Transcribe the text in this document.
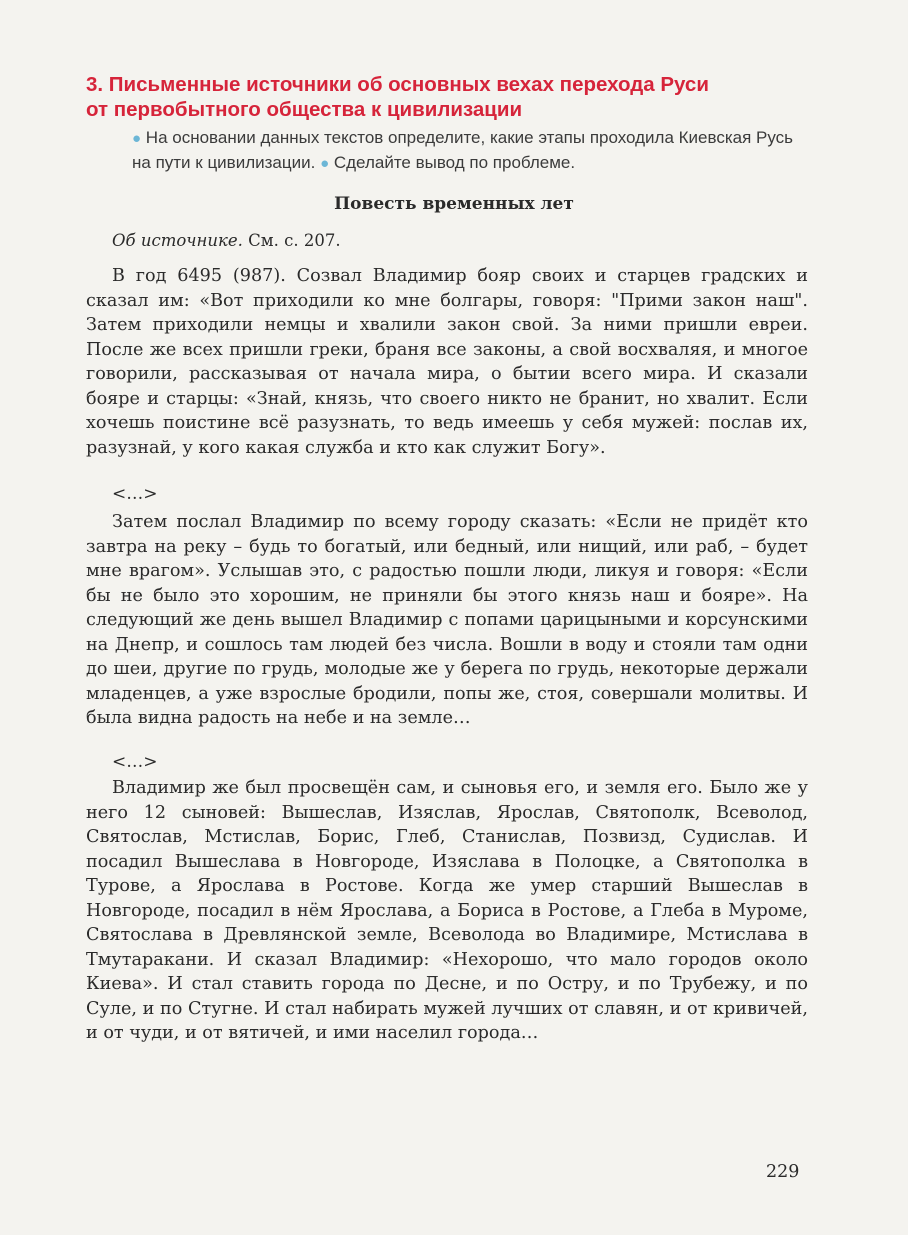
3. Письменные источники об основных вехах перехода Руси
от первобытного общества к цивилизации

● На основании данных текстов определите, какие этапы проходила Киевская Русь на пути к цивилизации. ● Сделайте вывод по проблеме.

Повесть временных лет

Об источнике. См. с. 207.

В год 6495 (987). Созвал Владимир бояр своих и старцев градских и сказал им: «Вот приходили ко мне болгары, говоря: "Прими закон наш". Затем приходили немцы и хвалили закон свой. За ними пришли евреи. После же всех пришли греки, браня все законы, а свой восхваляя, и многое говорили, рассказывая от начала мира, о бытии всего мира. И сказали бояре и старцы: «Знай, князь, что своего никто не бранит, но хвалит. Если хочешь поистине всё разузнать, то ведь имеешь у себя мужей: послав их, разузнай, у кого какая служба и кто как служит Богу».

<…>

Затем послал Владимир по всему городу сказать: «Если не придёт кто завтра на реку – будь то богатый, или бедный, или нищий, или раб, – будет мне врагом». Услышав это, с радостью пошли люди, ликуя и говоря: «Если бы не было это хорошим, не приняли бы этого князь наш и бояре». На следующий же день вышел Владимир с попами царицыными и корсунскими на Днепр, и сошлось там людей без числа. Вошли в воду и стояли там одни до шеи, другие по грудь, молодые же у берега по грудь, некоторые держали младенцев, а уже взрослые бродили, попы же, стоя, совершали молитвы. И была видна радость на небе и на земле…

<…>

Владимир же был просвещён сам, и сыновья его, и земля его. Было же у него 12 сыновей: Вышеслав, Изяслав, Ярослав, Святополк, Всеволод, Святослав, Мстислав, Борис, Глеб, Станислав, Позвизд, Судислав. И посадил Вышеслава в Новгороде, Изяслава в Полоцке, а Святополка в Турове, а Ярослава в Ростове. Когда же умер старший Вышеслав в Новгороде, посадил в нём Ярослава, а Бориса в Ростове, а Глеба в Муроме, Святослава в Древлянской земле, Всеволода во Владимире, Мстислава в Тмутаракани. И сказал Владимир: «Нехорошо, что мало городов около Киева». И стал ставить города по Десне, и по Остру, и по Трубежу, и по Суле, и по Стугне. И стал набирать мужей лучших от славян, и от кривичей, и от чуди, и от вятичей, и ими населил города…

229
